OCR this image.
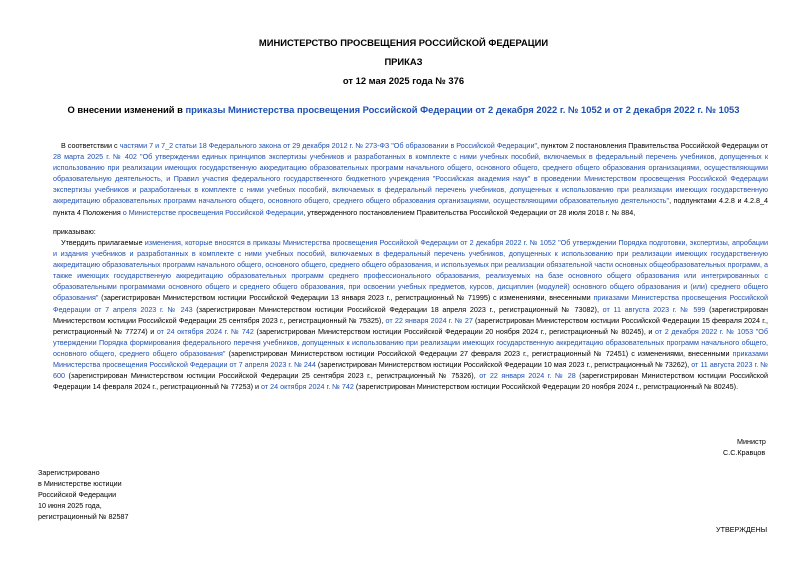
МИНИСТЕРСТВО ПРОСВЕЩЕНИЯ РОССИЙСКОЙ ФЕДЕРАЦИИ
ПРИКАЗ
от 12 мая 2025 года № 376
О внесении изменений в приказы Министерства просвещения Российской Федерации от 2 декабря 2022 г. № 1052 и от 2 декабря 2022 г. № 1053
В соответствии с частями 7 и 7_2 статьи 18 Федерального закона от 29 декабря 2012 г. № 273-ФЗ "Об образовании в Российской Федерации", пунктом 2 постановления Правительства Российской Федерации от 28 марта 2025 г. № 402 "Об утверждении единых принципов экспертизы учебников и разработанных в комплекте с ними учебных пособий, включаемых в федеральный перечень учебников, допущенных к использованию при реализации имеющих государственную аккредитацию образовательных программ начального общего, основного общего, среднего общего образования организациями, осуществляющими образовательную деятельность, и Правил участия федерального государственного бюджетного учреждения "Российская академия наук" в проведении Министерством просвещения Российской Федерации экспертизы учебников и разработанных в комплекте с ними учебных пособий, включаемых в федеральный перечень учебников, допущенных к использованию при реализации имеющих государственную аккредитацию образовательных программ начального общего, основного общего, среднего общего образования организациями, осуществляющими образовательную деятельность", подпунктами 4.2.8 и 4.2.8_4 пункта 4 Положения о Министерстве просвещения Российской Федерации, утвержденного постановлением Правительства Российской Федерации от 28 июля 2018 г. № 884,
приказываю:
Утвердить прилагаемые изменения, которые вносятся в приказы Министерства просвещения Российской Федерации от 2 декабря 2022 г. № 1052 "Об утверждении Порядка подготовки, экспертизы, апробации и издания учебников и разработанных в комплекте с ними учебных пособий, включаемых в федеральный перечень учебников, допущенных к использованию при реализации имеющих государственную аккредитацию образовательных программ начального общего, основного общего, среднего общего образования, и используемых при реализации обязательной части основных общеобразовательных программ, а также имеющих государственную аккредитацию образовательных программ среднего профессионального образования, реализуемых на базе основного общего образования или интегрированных с образовательными программами основного общего и среднего общего образования, при освоении учебных предметов, курсов, дисциплин (модулей) основного общего образования и (или) среднего общего образования" (зарегистрирован Министерством юстиции Российской Федерации 13 января 2023 г., регистрационный № 71995) с изменениями, внесенными приказами Министерства просвещения Российской Федерации от 7 апреля 2023 г. № 243 (зарегистрирован Министерством юстиции Российской Федерации 18 апреля 2023 г., регистрационный № 73082), от 11 августа 2023 г. № 599 (зарегистрирован Министерством юстиции Российской Федерации 25 сентября 2023 г., регистрационный № 75325), от 22 января 2024 г. № 27 (зарегистрирован Министерством юстиции Российской Федерации 15 февраля 2024 г., регистрационный № 77274) и от 24 октября 2024 г. № 742 (зарегистрирован Министерством юстиции Российской Федерации 20 ноября 2024 г., регистрационный № 80245), и от 2 декабря 2022 г. № 1053 "Об утверждении Порядка формирования федерального перечня учебников, допущенных к использованию при реализации имеющих государственную аккредитацию образовательных программ начального общего, основного общего, среднего общего образования" (зарегистрирован Министерством юстиции Российской Федерации 27 февраля 2023 г., регистрационный № 72451) с изменениями, внесенными приказами Министерства просвещения Российской Федерации от 7 апреля 2023 г. № 244 (зарегистрирован Министерством юстиции Российской Федерации 10 мая 2023 г., регистрационный № 73262), от 11 августа 2023 г. № 600 (зарегистрирован Министерством юстиции Российской Федерации 25 сентября 2023 г., регистрационный № 75326), от 22 января 2024 г. № 28 (зарегистрирован Министерством юстиции Российской Федерации 14 февраля 2024 г., регистрационный № 77253) и от 24 октября 2024 г. № 742 (зарегистрирован Министерством юстиции Российской Федерации 20 ноября 2024 г., регистрационный № 80245).
Министр
С.С.Кравцов
Зарегистрировано
в Министерстве юстиции
Российской Федерации
10 июня 2025 года,
регистрационный № 82587
УТВЕРЖДЕНЫ
